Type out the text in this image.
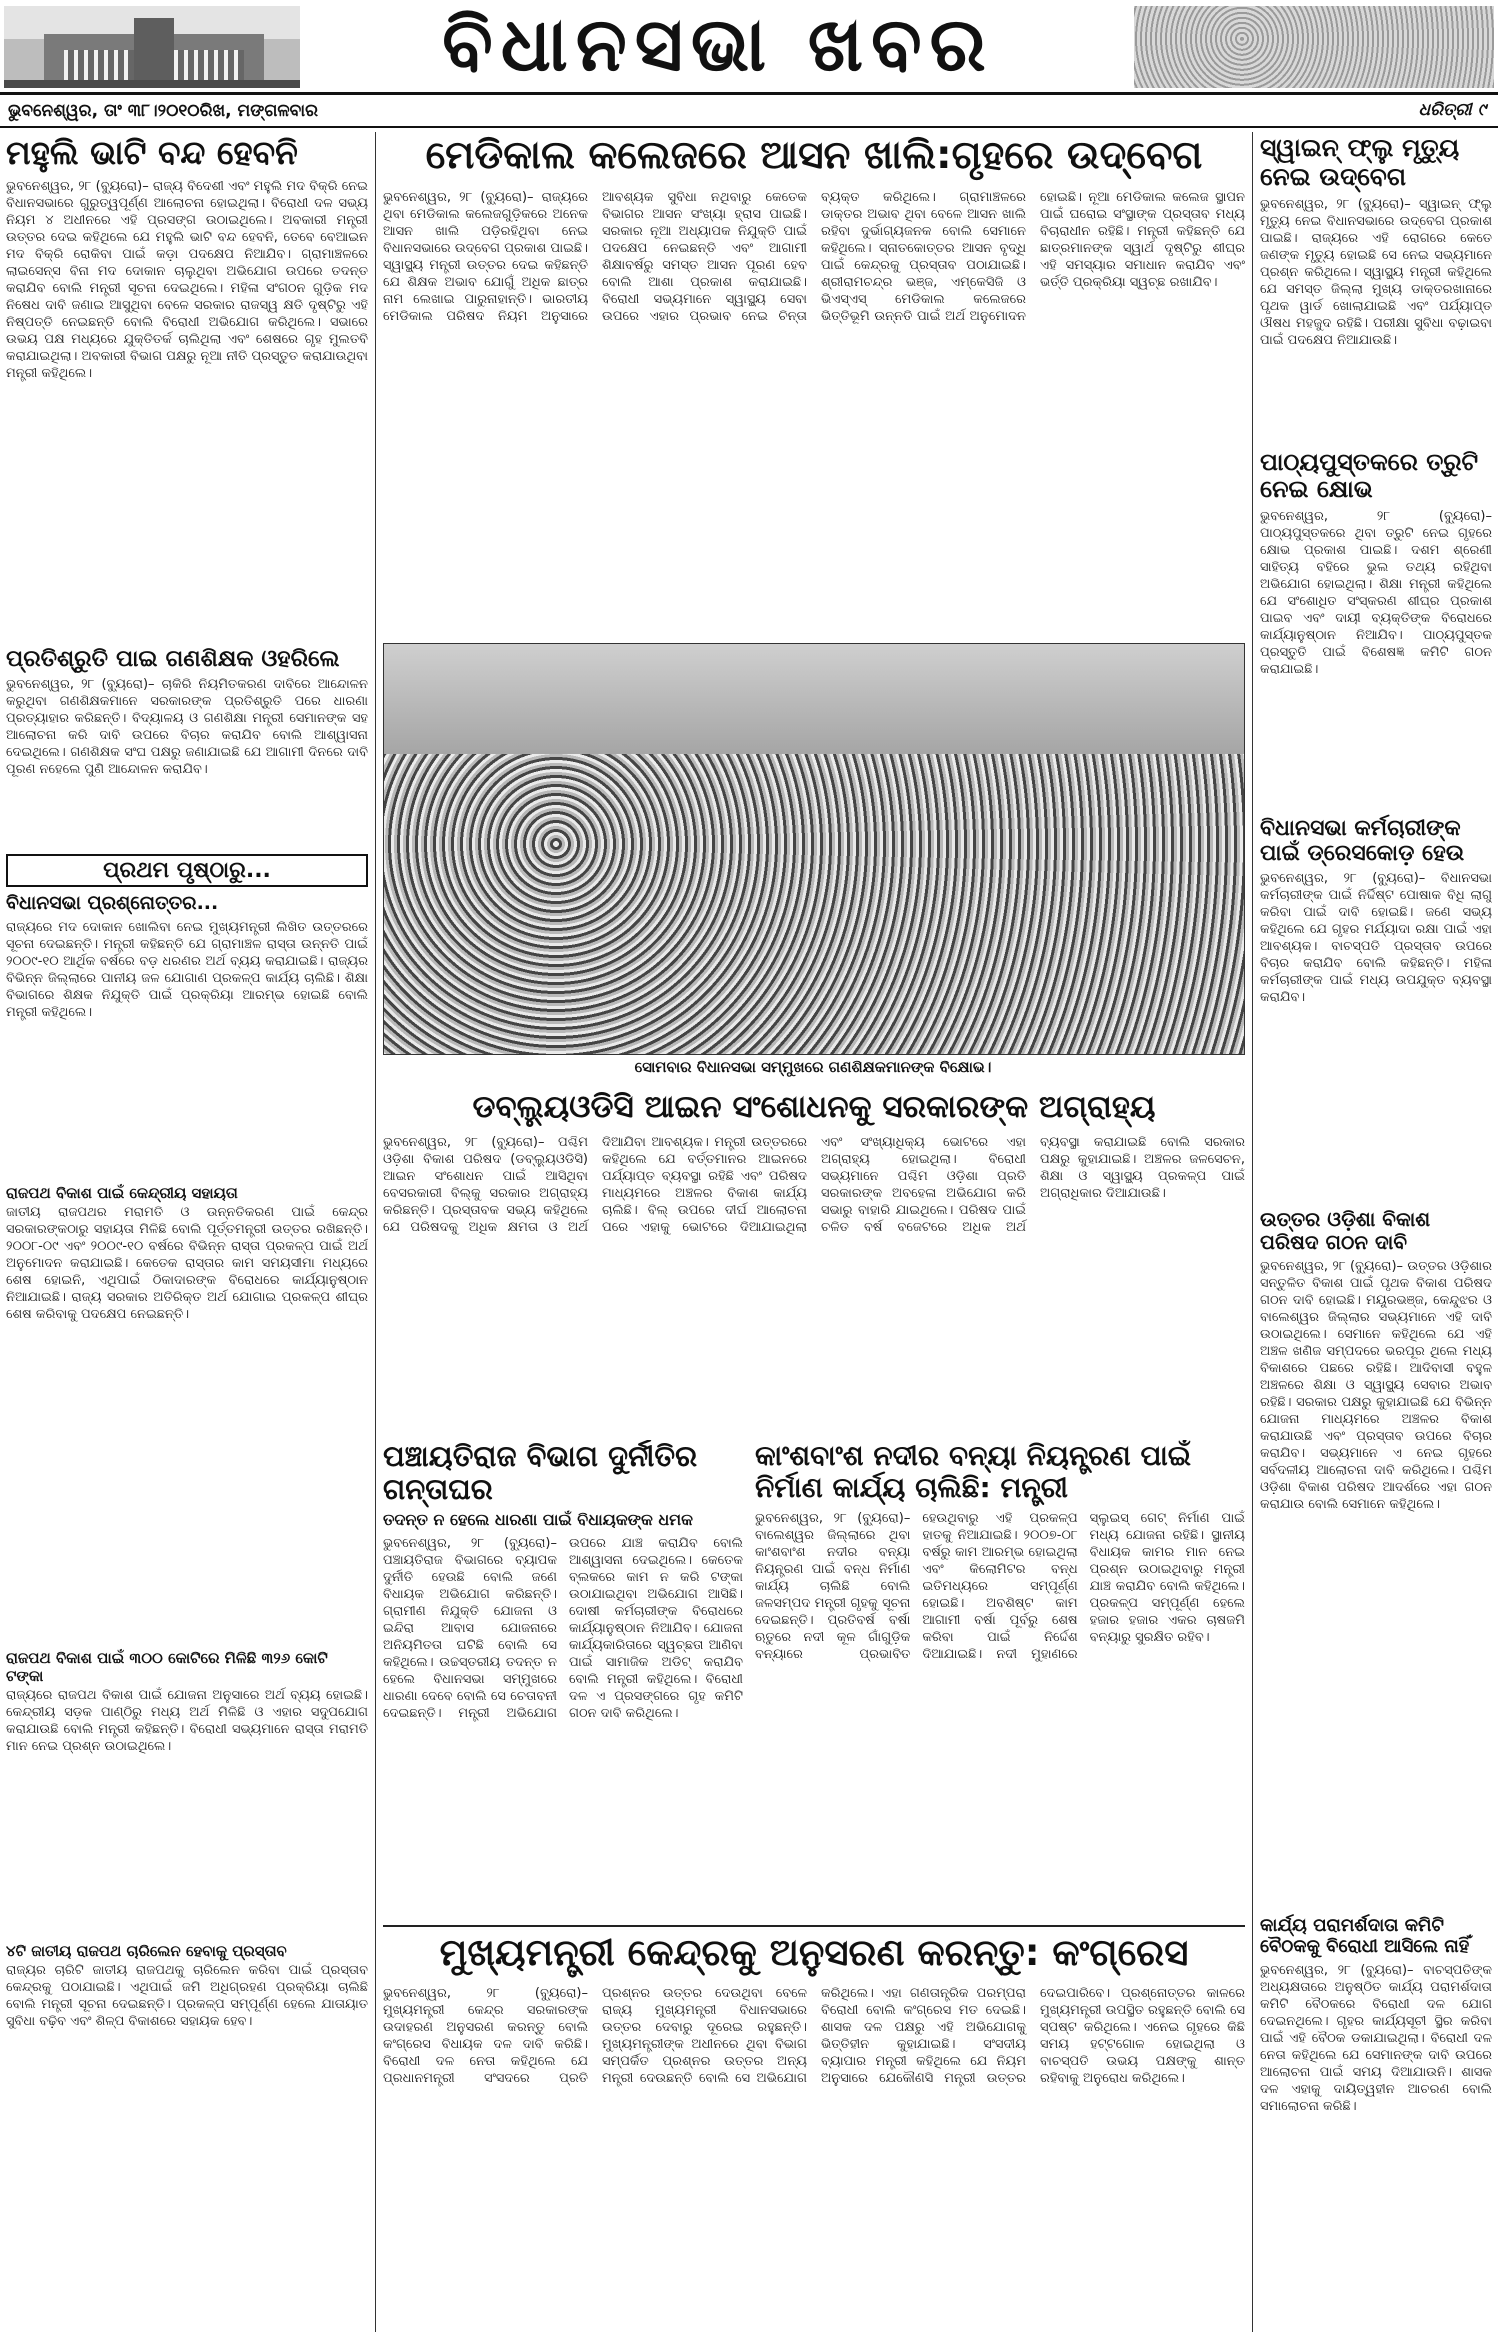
ବିଧାନସଭା ଖବର
ଭୁବନେଶ୍ୱର, ତାଂ ୩୮।୨୦୧୦ରିଖ, ମଙ୍ଗଳବାର	ଧରିତ୍ରୀ ୯
ମହୁଲି ଭାଟି ବନ୍ଦ ହେବନି
ଭୁବନେଶ୍ୱର, ୨୮ (ବ୍ୟୁରୋ)– ରାଜ୍ୟ ବିଦେଶୀ ଏବଂ ମହୁଲି ମଦ ବିକ୍ରି ନେଇ ବିଧାନସଭାରେ ଗୁରୁତ୍ୱପୂର୍ଣ୍ଣ ଆଲୋଚନା ହୋଇଥିଲା। ବିରୋଧୀ ଦଳ ସଭ୍ୟ ନିୟମ ୪ ଅଧୀନରେ ଏହି ପ୍ରସଙ୍ଗ ଉଠାଇଥିଲେ। ଅବକାରୀ ମନ୍ତ୍ରୀ ଉତ୍ତର ଦେଇ କହିଥିଲେ ଯେ ମହୁଲି ଭାଟି ବନ୍ଦ ହେବନି, ତେବେ ବେଆଇନ ମଦ ବିକ୍ରି ରୋକିବା ପାଇଁ କଡ଼ା ପଦକ୍ଷେପ ନିଆଯିବ। ଗ୍ରାମାଞ୍ଚଳରେ ଲାଇସେନ୍ସ ବିନା ମଦ ଦୋକାନ ଚାଲୁଥିବା ଅଭିଯୋଗ ଉପରେ ତଦନ୍ତ କରାଯିବ ବୋଲି ମନ୍ତ୍ରୀ ସୂଚନା ଦେଇଥିଲେ। ମହିଳା ସଂଗଠନ ଗୁଡ଼ିକ ମଦ ନିଷେଧ ଦାବି ଜଣାଇ ଆସୁଥିବା ବେଳେ ସରକାର ରାଜସ୍ୱ କ୍ଷତି ଦୃଷ୍ଟିରୁ ଏହି ନିଷ୍ପତ୍ତି ନେଇଛନ୍ତି ବୋଲି ବିରୋଧୀ ଅଭିଯୋଗ କରିଥିଲେ। ସଭାରେ ଉଭୟ ପକ୍ଷ ମଧ୍ୟରେ ଯୁକ୍ତିତର୍କ ଚାଲିଥିଲା ଏବଂ ଶେଷରେ ଗୃହ ମୁଲତବି କରାଯାଇଥିଲା। ଅବକାରୀ ବିଭାଗ ପକ୍ଷରୁ ନୂଆ ନୀତି ପ୍ରସ୍ତୁତ କରାଯାଉଥିବା ମନ୍ତ୍ରୀ କହିଥିଲେ।
ପ୍ରତିଶ୍ରୁତି ପାଇ ଗଣଶିକ୍ଷକ ଓହରିଲେ
ଭୁବନେଶ୍ୱର, ୨୮ (ବ୍ୟୁରୋ)– ଚାକିରି ନିୟମିତକରଣ ଦାବିରେ ଆନ୍ଦୋଳନ କରୁଥିବା ଗଣଶିକ୍ଷକମାନେ ସରକାରଙ୍କ ପ୍ରତିଶ୍ରୁତି ପରେ ଧାରଣା ପ୍ରତ୍ୟାହାର କରିଛନ୍ତି। ବିଦ୍ୟାଳୟ ଓ ଗଣଶିକ୍ଷା ମନ୍ତ୍ରୀ ସେମାନଙ୍କ ସହ ଆଲୋଚନା କରି ଦାବି ଉପରେ ବିଚାର କରାଯିବ ବୋଲି ଆଶ୍ୱାସନା ଦେଇଥିଲେ। ଗଣଶିକ୍ଷକ ସଂଘ ପକ୍ଷରୁ ଜଣାଯାଇଛି ଯେ ଆଗାମୀ ଦିନରେ ଦାବି ପୂରଣ ନହେଲେ ପୁଣି ଆନ୍ଦୋଳନ କରାଯିବ।
ପ୍ରଥମ ପୃଷ୍ଠାରୁ...
ବିଧାନସଭା ପ୍ରଶ୍ନୋତ୍ତର...
ରାଜ୍ୟରେ ମଦ ଦୋକାନ ଖୋଲିବା ନେଇ ମୁଖ୍ୟମନ୍ତ୍ରୀ ଲିଖିତ ଉତ୍ତରରେ ସୂଚନା ଦେଇଛନ୍ତି। ମନ୍ତ୍ରୀ କହିଛନ୍ତି ଯେ ଗ୍ରାମାଞ୍ଚଳ ରାସ୍ତା ଉନ୍ନତି ପାଇଁ ୨୦୦୯-୧୦ ଆର୍ଥିକ ବର୍ଷରେ ବଡ଼ ଧରଣର ଅର୍ଥ ବ୍ୟୟ କରାଯାଇଛି। ରାଜ୍ୟର ବିଭିନ୍ନ ଜିଲ୍ଲାରେ ପାନୀୟ ଜଳ ଯୋଗାଣ ପ୍ରକଳ୍ପ କାର୍ଯ୍ୟ ଚାଲିଛି। ଶିକ୍ଷା ବିଭାଗରେ ଶିକ୍ଷକ ନିଯୁକ୍ତି ପାଇଁ ପ୍ରକ୍ରିୟା ଆରମ୍ଭ ହୋଇଛି ବୋଲି ମନ୍ତ୍ରୀ କହିଥିଲେ।
ରାଜପଥ ବିକାଶ ପାଇଁ କେନ୍ଦ୍ରୀୟ ସହାୟତା
ଜାତୀୟ ରାଜପଥର ମରାମତି ଓ ଉନ୍ନତିକରଣ ପାଇଁ କେନ୍ଦ୍ର ସରକାରଙ୍କଠାରୁ ସହାୟତା ମିଳିଛି ବୋଲି ପୂର୍ତ୍ତମନ୍ତ୍ରୀ ଉତ୍ତର ରଖିଛନ୍ତି। ୨୦୦୮-୦୯ ଏବଂ ୨୦୦୯-୧୦ ବର୍ଷରେ ବିଭିନ୍ନ ରାସ୍ତା ପ୍ରକଳ୍ପ ପାଇଁ ଅର୍ଥ ଅନୁମୋଦନ କରାଯାଇଛି। କେତେକ ରାସ୍ତାର କାମ ସମୟସୀମା ମଧ୍ୟରେ ଶେଷ ହୋଇନି, ଏଥିପାଇଁ ଠିକାଦାରଙ୍କ ବିରୋଧରେ କାର୍ଯ୍ୟାନୁଷ୍ଠାନ ନିଆଯାଇଛି। ରାଜ୍ୟ ସରକାର ଅତିରିକ୍ତ ଅର୍ଥ ଯୋଗାଇ ପ୍ରକଳ୍ପ ଶୀଘ୍ର ଶେଷ କରିବାକୁ ପଦକ୍ଷେପ ନେଇଛନ୍ତି।
ରାଜପଥ ବିକାଶ ପାଇଁ ୩୦୦ କୋଟିରେ ମିଳିଛି ୩୨୬ କୋଟି ଟଙ୍କା
ରାଜ୍ୟରେ ରାଜପଥ ବିକାଶ ପାଇଁ ଯୋଜନା ଅନୁସାରେ ଅର୍ଥ ବ୍ୟୟ ହୋଇଛି। କେନ୍ଦ୍ରୀୟ ସଡ଼କ ପାଣ୍ଠିରୁ ମଧ୍ୟ ଅର୍ଥ ମିଳିଛି ଓ ଏହାର ସଦୁପଯୋଗ କରାଯାଉଛି ବୋଲି ମନ୍ତ୍ରୀ କହିଛନ୍ତି। ବିରୋଧୀ ସଭ୍ୟମାନେ ରାସ୍ତା ମରାମତି ମାନ ନେଇ ପ୍ରଶ୍ନ ଉଠାଇଥିଲେ।
୪ଟି ଜାତୀୟ ରାଜପଥ ଚାରିଲେନ ହେବାକୁ ପ୍ରସ୍ତାବ
ରାଜ୍ୟର ଚାରିଟି ଜାତୀୟ ରାଜପଥକୁ ଚାରିଲେନ କରିବା ପାଇଁ ପ୍ରସ୍ତାବ କେନ୍ଦ୍ରକୁ ପଠାଯାଇଛି। ଏଥିପାଇଁ ଜମି ଅଧିଗ୍ରହଣ ପ୍ରକ୍ରିୟା ଚାଲିଛି ବୋଲି ମନ୍ତ୍ରୀ ସୂଚନା ଦେଇଛନ୍ତି। ପ୍ରକଳ୍ପ ସମ୍ପୂର୍ଣ୍ଣ ହେଲେ ଯାତାୟାତ ସୁବିଧା ବଢ଼ିବ ଏବଂ ଶିଳ୍ପ ବିକାଶରେ ସହାୟକ ହେବ।
ମେଡିକାଲ କଲେଜରେ ଆସନ ଖାଲି:ଗୃହରେ ଉଦ୍‌ବେଗ
ଭୁବନେଶ୍ୱର, ୨୮ (ବ୍ୟୁରୋ)– ରାଜ୍ୟରେ ଥିବା ମେଡିକାଲ କଲେଜଗୁଡ଼ିକରେ ଅନେକ ଆସନ ଖାଲି ପଡ଼ିରହିଥିବା ନେଇ ବିଧାନସଭାରେ ଉଦ୍‌ବେଗ ପ୍ରକାଶ ପାଇଛି। ସ୍ୱାସ୍ଥ୍ୟ ମନ୍ତ୍ରୀ ଉତ୍ତର ଦେଇ କହିଛନ୍ତି ଯେ ଶିକ୍ଷକ ଅଭାବ ଯୋଗୁଁ ଅଧିକ ଛାତ୍ର ନାମ ଲେଖାଇ ପାରୁନାହାନ୍ତି। ଭାରତୀୟ ମେଡିକାଲ ପରିଷଦ ନିୟମ ଅନୁସାରେ ଆବଶ୍ୟକ ସୁବିଧା ନଥିବାରୁ କେତେକ ବିଭାଗର ଆସନ ସଂଖ୍ୟା ହ୍ରାସ ପାଇଛି। ସରକାର ନୂଆ ଅଧ୍ୟାପକ ନିଯୁକ୍ତି ପାଇଁ ପଦକ୍ଷେପ ନେଇଛନ୍ତି ଏବଂ ଆଗାମୀ ଶିକ୍ଷାବର୍ଷରୁ ସମସ୍ତ ଆସନ ପୂରଣ ହେବ ବୋଲି ଆଶା ପ୍ରକାଶ କରାଯାଇଛି। ବିରୋଧୀ ସଭ୍ୟମାନେ ସ୍ୱାସ୍ଥ୍ୟ ସେବା ଉପରେ ଏହାର ପ୍ରଭାବ ନେଇ ଚିନ୍ତା ବ୍ୟକ୍ତ କରିଥିଲେ। ଗ୍ରାମାଞ୍ଚଳରେ ଡାକ୍ତର ଅଭାବ ଥିବା ବେଳେ ଆସନ ଖାଲି ରହିବା ଦୁର୍ଭାଗ୍ୟଜନକ ବୋଲି ସେମାନେ କହିଥିଲେ। ସ୍ନାତକୋତ୍ତର ଆସନ ବୃଦ୍ଧି ପାଇଁ କେନ୍ଦ୍ରକୁ ପ୍ରସ୍ତାବ ପଠାଯାଇଛି। ଶ୍ରୀରାମଚନ୍ଦ୍ର ଭଞ୍ଜ, ଏମ୍‌କେସିଜି ଓ ଭିଏସ୍‌ଏସ୍ ମେଡିକାଲ କଲେଜରେ ଭିତ୍ତିଭୂମି ଉନ୍ନତି ପାଇଁ ଅର୍ଥ ଅନୁମୋଦନ ହୋଇଛି। ନୂଆ ମେଡିକାଲ କଲେଜ ସ୍ଥାପନ ପାଇଁ ଘରୋଇ ସଂସ୍ଥାଙ୍କ ପ୍ରସ୍ତାବ ମଧ୍ୟ ବିଚାରାଧୀନ ରହିଛି। ମନ୍ତ୍ରୀ କହିଛନ୍ତି ଯେ ଛାତ୍ରମାନଙ୍କ ସ୍ୱାର୍ଥ ଦୃଷ୍ଟିରୁ ଶୀଘ୍ର ଏହି ସମସ୍ୟାର ସମାଧାନ କରାଯିବ ଏବଂ ଭର୍ତ୍ତି ପ୍ରକ୍ରିୟା ସ୍ୱଚ୍ଛ ରଖାଯିବ।
ସୋମବାର ବିଧାନସଭା ସମ୍ମୁଖରେ ଗଣଶିକ୍ଷକମାନଙ୍କ ବିକ୍ଷୋଭ।
ଡବ୍ଲ୍ୟୁଓଡିସି ଆଇନ ସଂଶୋଧନକୁ ସରକାରଙ୍କ ଅଗ୍ରାହ୍ୟ
ଭୁବନେଶ୍ୱର, ୨୮ (ବ୍ୟୁରୋ)– ପଶ୍ଚିମ ଓଡ଼ିଶା ବିକାଶ ପରିଷଦ (ଡବ୍ଲ୍ୟୁଓଡିସି) ଆଇନ ସଂଶୋଧନ ପାଇଁ ଆସିଥିବା ବେସରକାରୀ ବିଲ୍‌କୁ ସରକାର ଅଗ୍ରାହ୍ୟ କରିଛନ୍ତି। ପ୍ରସ୍ତାବକ ସଭ୍ୟ କହିଥିଲେ ଯେ ପରିଷଦକୁ ଅଧିକ କ୍ଷମତା ଓ ଅର୍ଥ ଦିଆଯିବା ଆବଶ୍ୟକ। ମନ୍ତ୍ରୀ ଉତ୍ତରରେ କହିଥିଲେ ଯେ ବର୍ତ୍ତମାନର ଆଇନରେ ପର୍ଯ୍ୟାପ୍ତ ବ୍ୟବସ୍ଥା ରହିଛି ଏବଂ ପରିଷଦ ମାଧ୍ୟମରେ ଅଞ୍ଚଳର ବିକାଶ କାର୍ଯ୍ୟ ଚାଲିଛି। ବିଲ୍ ଉପରେ ଦୀର୍ଘ ଆଲୋଚନା ପରେ ଏହାକୁ ଭୋଟରେ ଦିଆଯାଇଥିଲା ଏବଂ ସଂଖ୍ୟାଧିକ୍ୟ ଭୋଟରେ ଏହା ଅଗ୍ରାହ୍ୟ ହୋଇଥିଲା। ବିରୋଧୀ ସଭ୍ୟମାନେ ପଶ୍ଚିମ ଓଡ଼ିଶା ପ୍ରତି ସରକାରଙ୍କ ଅବହେଳା ଅଭିଯୋଗ କରି ସଭାରୁ ବାହାରି ଯାଇଥିଲେ। ପରିଷଦ ପାଇଁ ଚଳିତ ବର୍ଷ ବଜେଟରେ ଅଧିକ ଅର୍ଥ ବ୍ୟବସ୍ଥା କରାଯାଇଛି ବୋଲି ସରକାର ପକ୍ଷରୁ କୁହାଯାଇଛି। ଅଞ୍ଚଳର ଜଳସେଚନ, ଶିକ୍ଷା ଓ ସ୍ୱାସ୍ଥ୍ୟ ପ୍ରକଳ୍ପ ପାଇଁ ଅଗ୍ରାଧିକାର ଦିଆଯାଉଛି।
ପଞ୍ଚାୟତିରାଜ ବିଭାଗ ଦୁର୍ନୀତିର ଗନ୍ତାଘର
ତଦନ୍ତ ନ ହେଲେ ଧାରଣା ପାଇଁ ବିଧାୟକଙ୍କ ଧମକ
ଭୁବନେଶ୍ୱର, ୨୮ (ବ୍ୟୁରୋ)– ପଞ୍ଚାୟତିରାଜ ବିଭାଗରେ ବ୍ୟାପକ ଦୁର୍ନୀତି ହେଉଛି ବୋଲି ଜଣେ ବିଧାୟକ ଅଭିଯୋଗ କରିଛନ୍ତି। ଗ୍ରାମୀଣ ନିଯୁକ୍ତି ଯୋଜନା ଓ ଇନ୍ଦିରା ଆବାସ ଯୋଜନାରେ ଅନିୟମିତତା ଘଟିଛି ବୋଲି ସେ କହିଥିଲେ। ଉଚ୍ଚସ୍ତରୀୟ ତଦନ୍ତ ନ ହେଲେ ବିଧାନସଭା ସମ୍ମୁଖରେ ଧାରଣା ଦେବେ ବୋଲି ସେ ଚେତାବନୀ ଦେଇଛନ୍ତି। ମନ୍ତ୍ରୀ ଅଭିଯୋଗ ଉପରେ ଯାଞ୍ଚ କରାଯିବ ବୋଲି ଆଶ୍ୱାସନା ଦେଇଥିଲେ। କେତେକ ବ୍ଲକରେ କାମ ନ କରି ଟଙ୍କା ଉଠାଯାଇଥିବା ଅଭିଯୋଗ ଆସିଛି। ଦୋଷୀ କର୍ମଚାରୀଙ୍କ ବିରୋଧରେ କାର୍ଯ୍ୟାନୁଷ୍ଠାନ ନିଆଯିବ। ଯୋଜନା କାର୍ଯ୍ୟକାରିତାରେ ସ୍ୱଚ୍ଛତା ଆଣିବା ପାଇଁ ସାମାଜିକ ଅଡିଟ୍ କରାଯିବ ବୋଲି ମନ୍ତ୍ରୀ କହିଥିଲେ। ବିରୋଧୀ ଦଳ ଏ ପ୍ରସଙ୍ଗରେ ଗୃହ କମିଟି ଗଠନ ଦାବି କରିଥିଲେ।
କାଂଶବାଂଶ ନଦୀର ବନ୍ୟା ନିୟନ୍ତ୍ରଣ ପାଇଁ ନିର୍ମାଣ କାର୍ଯ୍ୟ ଚାଲିଛି: ମନ୍ତ୍ରୀ
ଭୁବନେଶ୍ୱର, ୨୮ (ବ୍ୟୁରୋ)– ବାଲେଶ୍ୱର ଜିଲ୍ଲାରେ ଥିବା କାଂଶବାଂଶ ନଦୀର ବନ୍ୟା ନିୟନ୍ତ୍ରଣ ପାଇଁ ବନ୍ଧ ନିର୍ମାଣ କାର୍ଯ୍ୟ ଚାଲିଛି ବୋଲି ଜଳସମ୍ପଦ ମନ୍ତ୍ରୀ ଗୃହକୁ ସୂଚନା ଦେଇଛନ୍ତି। ପ୍ରତିବର୍ଷ ବର୍ଷା ଋତୁରେ ନଦୀ କୂଳ ଗାଁଗୁଡ଼ିକ ବନ୍ୟାରେ ପ୍ରଭାବିତ ହେଉଥିବାରୁ ଏହି ପ୍ରକଳ୍ପ ହାତକୁ ନିଆଯାଇଛି। ୨୦୦୭-୦୮ ବର୍ଷରୁ କାମ ଆରମ୍ଭ ହୋଇଥିଲା ଏବଂ କିଲୋମିଟର ବନ୍ଧ ଇତିମଧ୍ୟରେ ସମ୍ପୂର୍ଣ୍ଣ ହୋଇଛି। ଅବଶିଷ୍ଟ କାମ ଆଗାମୀ ବର୍ଷା ପୂର୍ବରୁ ଶେଷ କରିବା ପାଇଁ ନିର୍ଦ୍ଦେଶ ଦିଆଯାଇଛି। ନଦୀ ମୁହାଣରେ ସ୍ଲୁଇସ୍ ଗେଟ୍ ନିର୍ମାଣ ପାଇଁ ମଧ୍ୟ ଯୋଜନା ରହିଛି। ସ୍ଥାନୀୟ ବିଧାୟକ କାମର ମାନ ନେଇ ପ୍ରଶ୍ନ ଉଠାଇଥିବାରୁ ମନ୍ତ୍ରୀ ଯାଞ୍ଚ କରାଯିବ ବୋଲି କହିଥିଲେ। ପ୍ରକଳ୍ପ ସମ୍ପୂର୍ଣ୍ଣ ହେଲେ ହଜାର ହଜାର ଏକର ଚାଷଜମି ବନ୍ୟାରୁ ସୁରକ୍ଷିତ ରହିବ।
ମୁଖ୍ୟମନ୍ତ୍ରୀ କେନ୍ଦ୍ରକୁ ଅନୁସରଣ କରନ୍ତୁ: କଂଗ୍ରେସ
ଭୁବନେଶ୍ୱର, ୨୮ (ବ୍ୟୁରୋ)– ମୁଖ୍ୟମନ୍ତ୍ରୀ କେନ୍ଦ୍ର ସରକାରଙ୍କ ଉଦାହରଣ ଅନୁସରଣ କରନ୍ତୁ ବୋଲି କଂଗ୍ରେସ ବିଧାୟକ ଦଳ ଦାବି କରିଛି। ବିରୋଧୀ ଦଳ ନେତା କହିଥିଲେ ଯେ ପ୍ରଧାନମନ୍ତ୍ରୀ ସଂସଦରେ ପ୍ରତି ପ୍ରଶ୍ନର ଉତ୍ତର ଦେଉଥିବା ବେଳେ ରାଜ୍ୟ ମୁଖ୍ୟମନ୍ତ୍ରୀ ବିଧାନସଭାରେ ଉତ୍ତର ଦେବାରୁ ଦୂରେଇ ରହୁଛନ୍ତି। ମୁଖ୍ୟମନ୍ତ୍ରୀଙ୍କ ଅଧୀନରେ ଥିବା ବିଭାଗ ସମ୍ପର୍କିତ ପ୍ରଶ୍ନର ଉତ୍ତର ଅନ୍ୟ ମନ୍ତ୍ରୀ ଦେଉଛନ୍ତି ବୋଲି ସେ ଅଭିଯୋଗ କରିଥିଲେ। ଏହା ଗଣତାନ୍ତ୍ରିକ ପରମ୍ପରା ବିରୋଧୀ ବୋଲି କଂଗ୍ରେସ ମତ ଦେଇଛି। ଶାସକ ଦଳ ପକ୍ଷରୁ ଏହି ଅଭିଯୋଗକୁ ଭିତ୍ତିହୀନ କୁହାଯାଇଛି। ସଂସଦୀୟ ବ୍ୟାପାର ମନ୍ତ୍ରୀ କହିଥିଲେ ଯେ ନିୟମ ଅନୁସାରେ ଯେକୌଣସି ମନ୍ତ୍ରୀ ଉତ୍ତର ଦେଇପାରିବେ। ପ୍ରଶ୍ନୋତ୍ତର କାଳରେ ମୁଖ୍ୟମନ୍ତ୍ରୀ ଉପସ୍ଥିତ ରହୁଛନ୍ତି ବୋଲି ସେ ସ୍ପଷ୍ଟ କରିଥିଲେ। ଏନେଇ ଗୃହରେ କିଛି ସମୟ ହଟ୍ଟଗୋଳ ହୋଇଥିଲା ଓ ବାଚସ୍ପତି ଉଭୟ ପକ୍ଷଙ୍କୁ ଶାନ୍ତ ରହିବାକୁ ଅନୁରୋଧ କରିଥିଲେ।
ସ୍ୱାଇନ୍ ଫ୍ଲୁ ମୃତ୍ୟୁ ନେଇ ଉଦ୍‌ବେଗ
ଭୁବନେଶ୍ୱର, ୨୮ (ବ୍ୟୁରୋ)– ସ୍ୱାଇନ୍ ଫ୍ଲୁ ମୃତ୍ୟୁ ନେଇ ବିଧାନସଭାରେ ଉଦ୍‌ବେଗ ପ୍ରକାଶ ପାଇଛି। ରାଜ୍ୟରେ ଏହି ରୋଗରେ କେତେ ଜଣଙ୍କ ମୃତ୍ୟୁ ହୋଇଛି ସେ ନେଇ ସଭ୍ୟମାନେ ପ୍ରଶ୍ନ କରିଥିଲେ। ସ୍ୱାସ୍ଥ୍ୟ ମନ୍ତ୍ରୀ କହିଥିଲେ ଯେ ସମସ୍ତ ଜିଲ୍ଲା ମୁଖ୍ୟ ଡାକ୍ତରଖାନାରେ ପୃଥକ ୱାର୍ଡ ଖୋଲାଯାଇଛି ଏବଂ ପର୍ଯ୍ୟାପ୍ତ ଔଷଧ ମହଜୁଦ ରହିଛି। ପରୀକ୍ଷା ସୁବିଧା ବଢ଼ାଇବା ପାଇଁ ପଦକ୍ଷେପ ନିଆଯାଉଛି।
ପାଠ୍ୟପୁସ୍ତକରେ ତ୍ରୁଟି ନେଇ କ୍ଷୋଭ
ଭୁବନେଶ୍ୱର, ୨୮ (ବ୍ୟୁରୋ)– ପାଠ୍ୟପୁସ୍ତକରେ ଥିବା ତ୍ରୁଟି ନେଇ ଗୃହରେ କ୍ଷୋଭ ପ୍ରକାଶ ପାଇଛି। ଦଶମ ଶ୍ରେଣୀ ସାହିତ୍ୟ ବହିରେ ଭୁଲ ତଥ୍ୟ ରହିଥିବା ଅଭିଯୋଗ ହୋଇଥିଲା। ଶିକ୍ଷା ମନ୍ତ୍ରୀ କହିଥିଲେ ଯେ ସଂଶୋଧିତ ସଂସ୍କରଣ ଶୀଘ୍ର ପ୍ରକାଶ ପାଇବ ଏବଂ ଦାୟୀ ବ୍ୟକ୍ତିଙ୍କ ବିରୋଧରେ କାର୍ଯ୍ୟାନୁଷ୍ଠାନ ନିଆଯିବ। ପାଠ୍ୟପୁସ୍ତକ ପ୍ରସ୍ତୁତି ପାଇଁ ବିଶେଷଜ୍ଞ କମିଟି ଗଠନ କରାଯାଇଛି।
ବିଧାନସଭା କର୍ମଚାରୀଙ୍କ ପାଇଁ ଡ୍ରେସକୋଡ଼ ହେଉ
ଭୁବନେଶ୍ୱର, ୨୮ (ବ୍ୟୁରୋ)– ବିଧାନସଭା କର୍ମଚାରୀଙ୍କ ପାଇଁ ନିର୍ଦ୍ଦିଷ୍ଟ ପୋଷାକ ବିଧି ଲାଗୁ କରିବା ପାଇଁ ଦାବି ହୋଇଛି। ଜଣେ ସଭ୍ୟ କହିଥିଲେ ଯେ ଗୃହର ମର୍ଯ୍ୟାଦା ରକ୍ଷା ପାଇଁ ଏହା ଆବଶ୍ୟକ। ବାଚସ୍ପତି ପ୍ରସ୍ତାବ ଉପରେ ବିଚାର କରାଯିବ ବୋଲି କହିଛନ୍ତି। ମହିଳା କର୍ମଚାରୀଙ୍କ ପାଇଁ ମଧ୍ୟ ଉପଯୁକ୍ତ ବ୍ୟବସ୍ଥା କରାଯିବ।
ଉତ୍ତର ଓଡ଼ିଶା ବିକାଶ ପରିଷଦ ଗଠନ ଦାବି
ଭୁବନେଶ୍ୱର, ୨୮ (ବ୍ୟୁରୋ)– ଉତ୍ତର ଓଡ଼ିଶାର ସନ୍ତୁଳିତ ବିକାଶ ପାଇଁ ପୃଥକ ବିକାଶ ପରିଷଦ ଗଠନ ଦାବି ହୋଇଛି। ମୟୂରଭଞ୍ଜ, କେନ୍ଦୁଝର ଓ ବାଲେଶ୍ୱର ଜିଲ୍ଲାର ସଭ୍ୟମାନେ ଏହି ଦାବି ଉଠାଇଥିଲେ। ସେମାନେ କହିଥିଲେ ଯେ ଏହି ଅଞ୍ଚଳ ଖଣିଜ ସମ୍ପଦରେ ଭରପୂର ଥିଲେ ମଧ୍ୟ ବିକାଶରେ ପଛରେ ରହିଛି। ଆଦିବାସୀ ବହୁଳ ଅଞ୍ଚଳରେ ଶିକ୍ଷା ଓ ସ୍ୱାସ୍ଥ୍ୟ ସେବାର ଅଭାବ ରହିଛି। ସରକାର ପକ୍ଷରୁ କୁହାଯାଇଛି ଯେ ବିଭିନ୍ନ ଯୋଜନା ମାଧ୍ୟମରେ ଅଞ୍ଚଳର ବିକାଶ କରାଯାଉଛି ଏବଂ ପ୍ରସ୍ତାବ ଉପରେ ବିଚାର କରାଯିବ। ସଭ୍ୟମାନେ ଏ ନେଇ ଗୃହରେ ସର୍ବଦଳୀୟ ଆଲୋଚନା ଦାବି କରିଥିଲେ। ପଶ୍ଚିମ ଓଡ଼ିଶା ବିକାଶ ପରିଷଦ ଆଦର୍ଶରେ ଏହା ଗଠନ କରାଯାଉ ବୋଲି ସେମାନେ କହିଥିଲେ।
କାର୍ଯ୍ୟ ପରାମର୍ଶଦାତା କମିଟି ବୈଠକକୁ ବିରୋଧୀ ଆସିଲେ ନାହିଁ
ଭୁବନେଶ୍ୱର, ୨୮ (ବ୍ୟୁରୋ)– ବାଚସ୍ପତିଙ୍କ ଅଧ୍ୟକ୍ଷତାରେ ଅନୁଷ୍ଠିତ କାର୍ଯ୍ୟ ପରାମର୍ଶଦାତା କମିଟି ବୈଠକରେ ବିରୋଧୀ ଦଳ ଯୋଗ ଦେଇନଥିଲେ। ଗୃହର କାର୍ଯ୍ୟସୂଚୀ ସ୍ଥିର କରିବା ପାଇଁ ଏହି ବୈଠକ ଡକାଯାଇଥିଲା। ବିରୋଧୀ ଦଳ ନେତା କହିଥିଲେ ଯେ ସେମାନଙ୍କ ଦାବି ଉପରେ ଆଲୋଚନା ପାଇଁ ସମୟ ଦିଆଯାଉନି। ଶାସକ ଦଳ ଏହାକୁ ଦାୟିତ୍ୱହୀନ ଆଚରଣ ବୋଲି ସମାଲୋଚନା କରିଛି।
